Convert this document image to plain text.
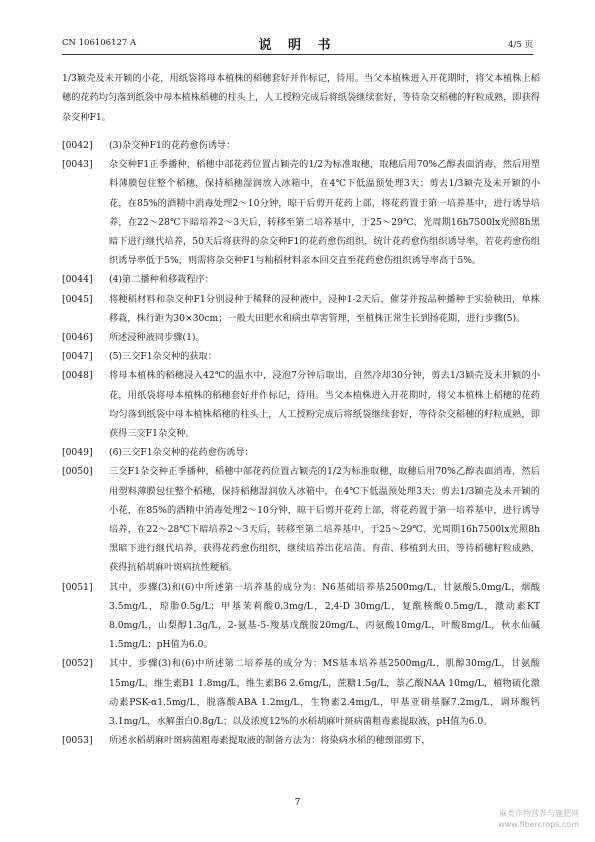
CN 106106127 A	说 明 书	4/5 页

1/3颖壳及未开颖的小花，用纸袋将母本植株的稻穗套好并作标记，待用。当父本植株进入开花期时，将父本植株上稻穗的花药均匀落到纸袋中母本植株稻穗的柱头上，人工授粉完成后将纸袋继续套好，等待杂交稻穗的籽粒成熟，即获得杂交种F1。

[0042]	(3)杂交种F1的花药愈伤诱导：
[0043]	杂交种F1正季播种，稻穗中部花药位置占颖壳的1/2为标准取穗，取穗后用70%乙醇表面消毒，然后用塑料薄膜包住整个稻穗，保持稻穗湿润放入冰箱中，在4℃下低温预处理3天；剪去1/3颖壳及未开颖的小花，在85%的酒精中消毒处理2～10分钟，晾干后剪开花药上部，将花药置于第一培养基中，进行诱导培养，在22～28℃下暗培养2～3天后，转移至第二培养基中，于25～29℃、光周期16h7500lx光照8h黑暗下进行继代培养，50天后将获得的杂交种F1的花药愈伤组织，统计花药愈伤组织诱导率，若花药愈伤组织诱导率低于5%，则需将杂交种F1与籼稻材料亲本回交直至花药愈伤组织诱导率高于5%。
[0044]	(4)第二播种和移栽程序：
[0045]	将粳稻材料和杂交种F1分别浸种于稀释的浸种液中，浸种1-2天后，催芽并按品种播种于实验秧田，单株移栽，株行距为30×30cm；一般大田肥水和病虫草害管理，至植株正常生长到扬花期，进行步骤(5)。
[0046]	所述浸种液同步骤(1)。
[0047]	(5)三交F1杂交种的获取：
[0048]	将母本植株的稻穗浸入42℃的温水中，浸泡7分钟后取出，自然冷却30分钟，剪去1/3颖壳及未开颖的小花，用纸袋将母本植株的稻穗套好并作标记，待用。当父本植株进入开花期时，将父本植株上稻穗的花药均匀落到纸袋中母本植株稻穗的柱头上，人工授粉完成后将纸袋继续套好，等待杂交稻穗的籽粒成熟，即获得三交F1杂交种。
[0049]	(6)三交F1杂交种的花药愈伤诱导：
[0050]	三交F1杂交种正季播种，稻穗中部花药位置占颖壳的1/2为标准取穗，取穗后用70%乙醇表面消毒，然后用塑料薄膜包住整个稻穗，保持稻穗湿润放入冰箱中，在4℃下低温预处理3天；剪去1/3颖壳及未开颖的小花，在85%的酒精中消毒处理2～10分钟，晾干后剪开花药上部，将花药置于第一培养基中，进行诱导培养，在22～28℃下暗培养2～3天后，转移至第二培养基中，于25～29℃、光周期16h7500lx光照8h黑暗下进行继代培养，获得花药愈伤组织，继续培养出花培苗、育苗、移植到大田，等待稻穗籽粒成熟，获得抗稻胡麻叶斑病抗性粳稻。
[0051]	其中，步骤(3)和(6)中所述第一培养基的成分为：N6基础培养基2500mg/L，甘氨酸5.0mg/L，烟酸3.5mg/L，琼脂0.5g/L；甲基茉莉酸0.3mg/L，2,4-D 30mg/L，复酰核酸0.5mg/L，激动素KT 8.0mg/L，山梨醇1.3g/L，2-氨基-5-羧基戊酰胺20mg/L，丙氨酸10mg/L，叶酸8mg/L，秋水仙碱1.5mg/L；pH值为6.0。
[0052]	其中，步骤(3)和(6)中所述第二培养基的成分为：MS基本培养基2500mg/L，肌醇30mg/L，甘氨酸15mg/L，维生素B1 1.8mg/L，维生素B6 2.6mg/L，蔗糖1.5g/L，萘乙酸NAA 10mg/L，植物硫化激动素PSK-α1.5mg/L，脱落酸ABA 1.2mg/L，生物素2.4mg/L，甲基亚硝基脲7.2mg/L，调环酸钙3.1mg/L，水解蛋白0.8g/L；以及浓度12%的水稻胡麻叶斑病菌粗毒素提取液，pH值为6.0。
[0053]	所述水稻胡麻叶斑病菌粗毒素提取液的制备方法为：将染病水稻的穗颈部剪下，
7
麻类作物营养与施肥网
www.fibercrops.com
